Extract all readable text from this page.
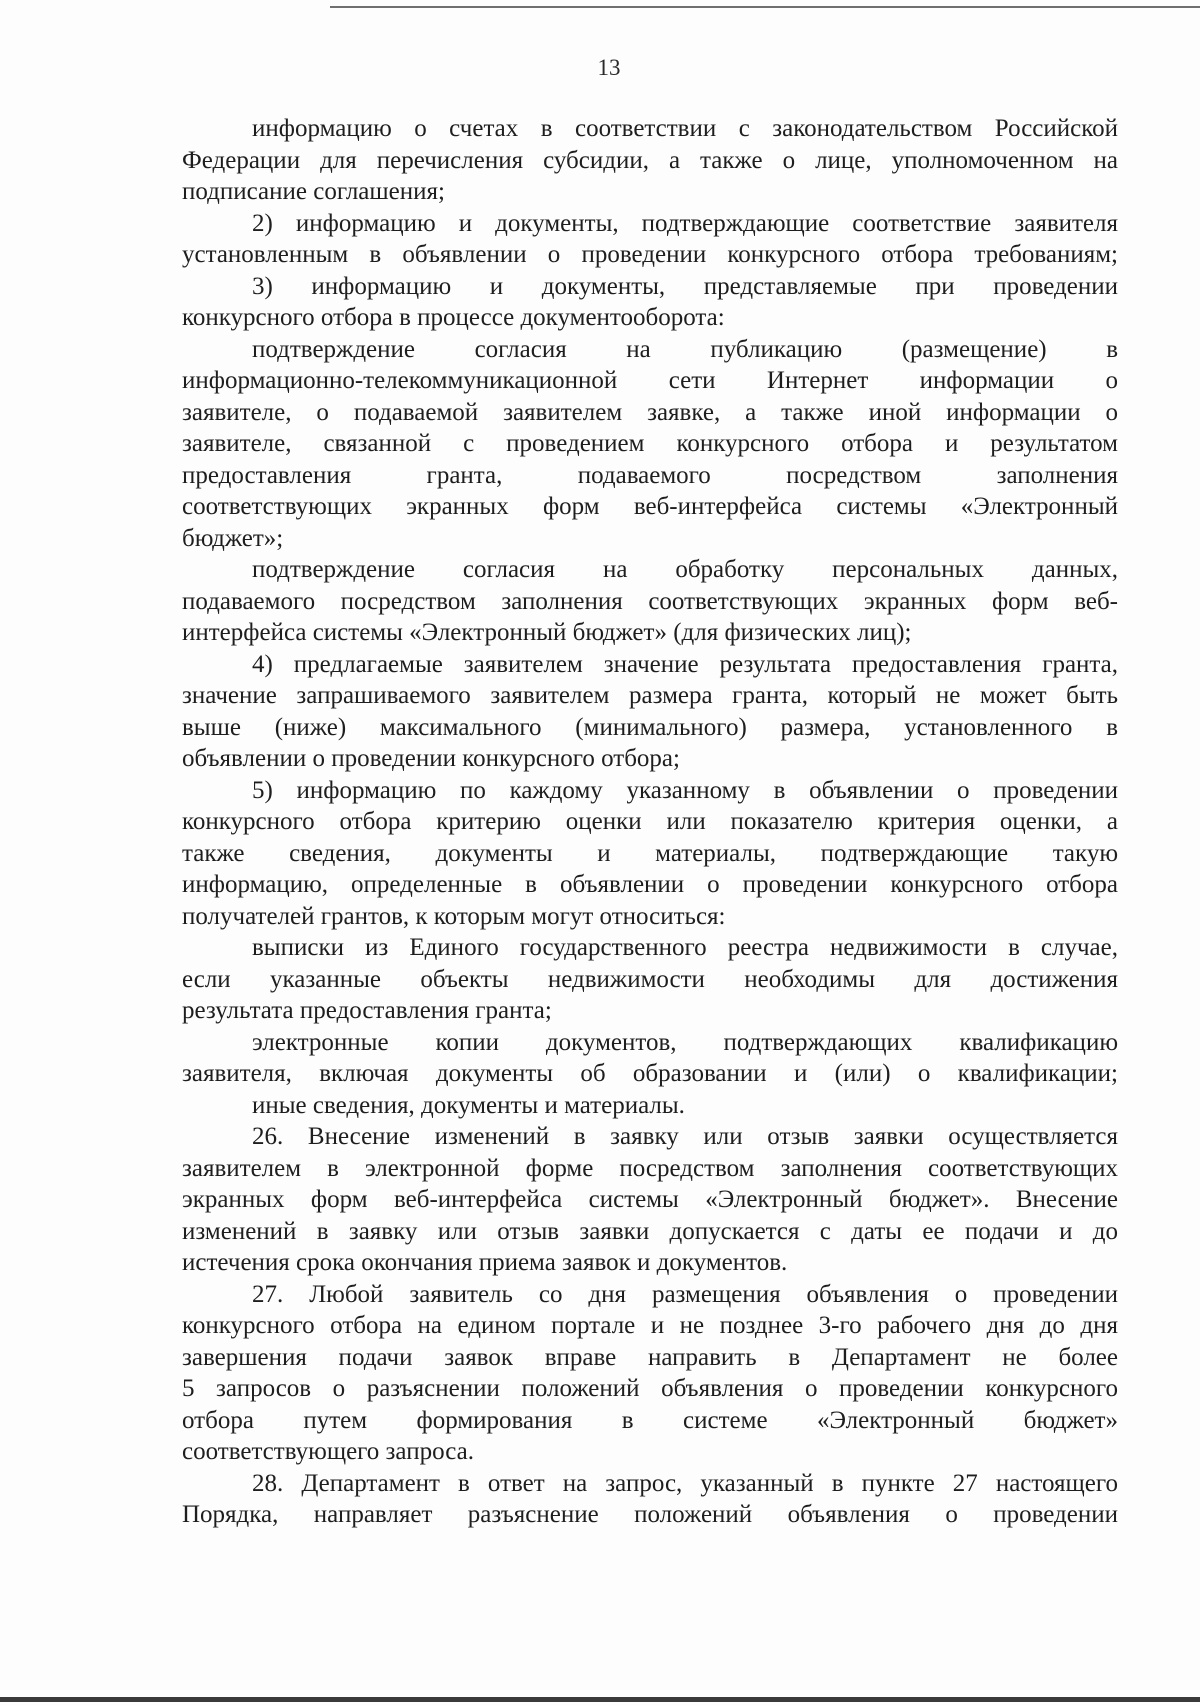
13
информацию о счетах в соответствии с законодательством Российской
Федерации для перечисления субсидии, а также о лице, уполномоченном на
подписание соглашения;
2) информацию и документы, подтверждающие соответствие заявителя
установленным в объявлении о проведении конкурсного отбора требованиям;
3) информацию и документы, представляемые при проведении
конкурсного отбора в процессе документооборота:
подтверждение согласия на публикацию (размещение) в
информационно-телекоммуникационной сети Интернет информации о
заявителе, о подаваемой заявителем заявке, а также иной информации о
заявителе, связанной с проведением конкурсного отбора и результатом
предоставления гранта, подаваемого посредством заполнения
соответствующих экранных форм веб-интерфейса системы «Электронный
бюджет»;
подтверждение согласия на обработку персональных данных,
подаваемого посредством заполнения соответствующих экранных форм веб-
интерфейса системы «Электронный бюджет» (для физических лиц);
4) предлагаемые заявителем значение результата предоставления гранта,
значение запрашиваемого заявителем размера гранта, который не может быть
выше (ниже) максимального (минимального) размера, установленного в
объявлении о проведении конкурсного отбора;
5) информацию по каждому указанному в объявлении о проведении
конкурсного отбора критерию оценки или показателю критерия оценки, а
также сведения, документы и материалы, подтверждающие такую
информацию, определенные в объявлении о проведении конкурсного отбора
получателей грантов, к которым могут относиться:
выписки из Единого государственного реестра недвижимости в случае,
если указанные объекты недвижимости необходимы для достижения
результата предоставления гранта;
электронные копии документов, подтверждающих квалификацию
заявителя, включая документы об образовании и (или) о квалификации;
иные сведения, документы и материалы.
26. Внесение изменений в заявку или отзыв заявки осуществляется
заявителем в электронной форме посредством заполнения соответствующих
экранных форм веб-интерфейса системы «Электронный бюджет». Внесение
изменений в заявку или отзыв заявки допускается с даты ее подачи и до
истечения срока окончания приема заявок и документов.
27. Любой заявитель со дня размещения объявления о проведении
конкурсного отбора на едином портале и не позднее 3-го рабочего дня до дня
завершения подачи заявок вправе направить в Департамент не более
5 запросов о разъяснении положений объявления о проведении конкурсного
отбора путем формирования в системе «Электронный бюджет»
соответствующего запроса.
28. Департамент в ответ на запрос, указанный в пункте 27 настоящего
Порядка, направляет разъяснение положений объявления о проведении
